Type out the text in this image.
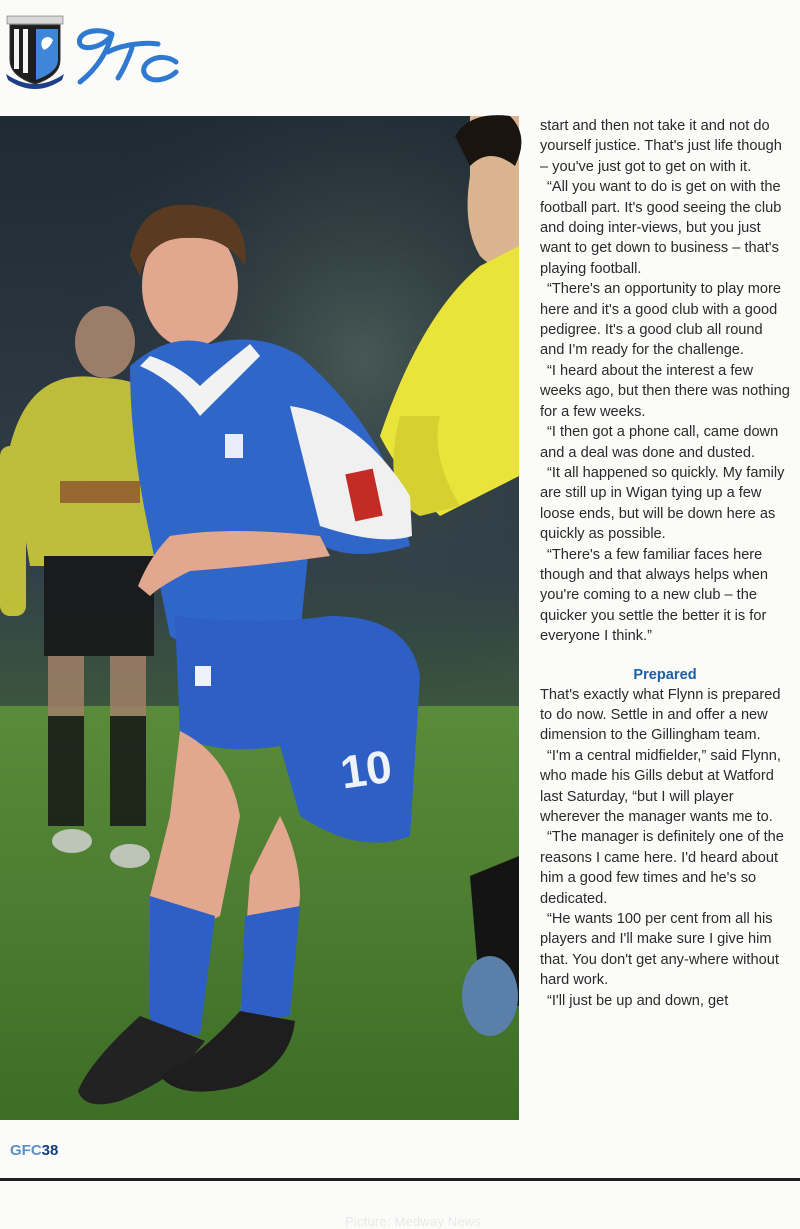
10
Picture: Medway News

start and then not take it and not do yourself justice. That's just life though – you've just got to get on with it.

“All you want to do is get on with the football part. It's good seeing the club and doing inter-views, but you just want to get down to business – that's playing football.

“There's an opportunity to play more here and it's a good club with a good pedigree. It's a good club all round and I'm ready for the challenge.

“I heard about the interest a few weeks ago, but then there was nothing for a few weeks.

“I then got a phone call, came down and a deal was done and dusted.

“It all happened so quickly. My family are still up in Wigan tying up a few loose ends, but will be down here as quickly as possible.

“There's a few familiar faces here though and that always helps when you're coming to a new club – the quicker you settle the better it is for everyone I think.”

Prepared

That's exactly what Flynn is prepared to do now. Settle in and offer a new dimension to the Gillingham team.

“I'm a central midfielder,” said Flynn, who made his Gills debut at Watford last Saturday, “but I will player wherever the manager wants me to.

“The manager is definitely one of the reasons I came here. I'd heard about him a good few times and he's so dedicated.

“He wants 100 per cent from all his players and I'll make sure I give him that. You don't get any-where without hard work.

“I'll just be up and down, get

GFC38
